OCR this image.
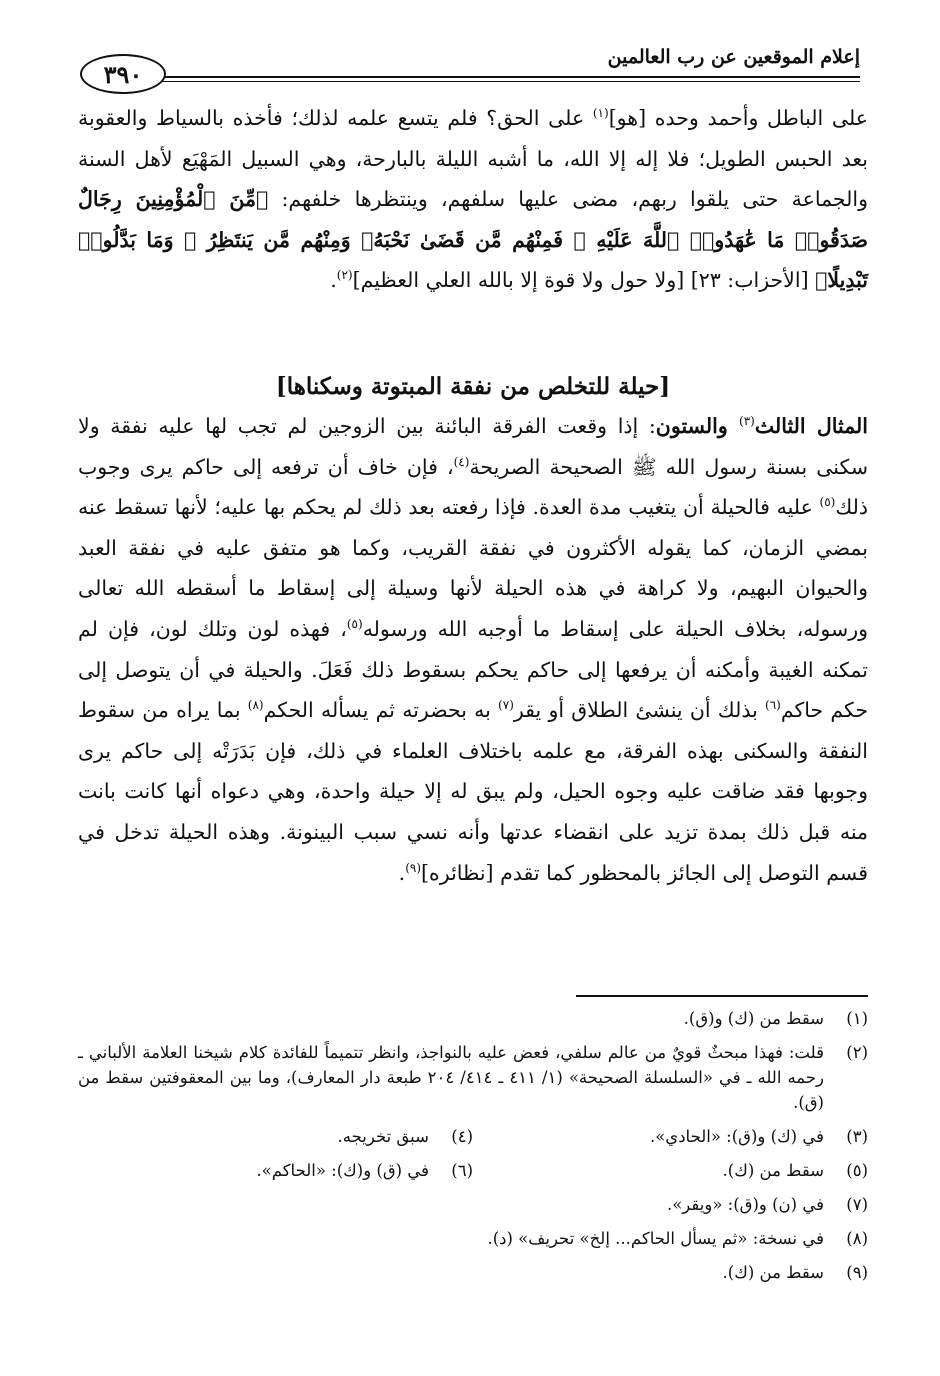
إعلام الموقعين عن رب العالمين
٣٩٠

على الباطل وأحمد وحده [هو]$^{(١)}$ على الحق؟ فلم يتسع علمه لذلك؛ فأخذه بالسياط والعقوبة بعد الحبس الطويل؛ فلا إله إلا الله، ما أشبه الليلة بالبارحة، وهي السبيل المَهْيَع لأهل السنة والجماعة حتى يلقوا ربهم، مضى عليها سلفهم، وينتظرها خلفهم: ﴿مِّنَ ٱلْمُؤْمِنِينَ رِجَالٌ صَدَقُوا۟ مَا عَٰهَدُوا۟ ٱللَّهَ عَلَيْهِ ۖ فَمِنْهُم مَّن قَضَىٰ نَحْبَهُۥ وَمِنْهُم مَّن يَنتَظِرُ ۖ وَمَا بَدَّلُوا۟ تَبْدِيلًا﴾ [الأحزاب: ٢٣] [ولا حول ولا قوة إلا بالله العلي العظيم]$^{(٢)}$.

[حيلة للتخلص من نفقة المبتوتة وسكناها]

المثال الثالث$^{(٣)}$ والستون: إذا وقعت الفرقة البائنة بين الزوجين لم تجب لها عليه نفقة ولا سكنى بسنة رسول الله ﷺ الصحيحة الصريحة$^{(٤)}$، فإن خاف أن ترفعه إلى حاكم يرى وجوب ذلك$^{(٥)}$ عليه فالحيلة أن يتغيب مدة العدة. فإذا رفعته بعد ذلك لم يحكم بها عليه؛ لأنها تسقط عنه بمضي الزمان، كما يقوله الأكثرون في نفقة القريب، وكما هو متفق عليه في نفقة العبد والحيوان البهيم، ولا كراهة في هذه الحيلة لأنها وسيلة إلى إسقاط ما أسقطه الله تعالى ورسوله، بخلاف الحيلة على إسقاط ما أوجبه الله ورسوله$^{(٥)}$، فهذه لون وتلك لون، فإن لم تمكنه الغيبة وأمكنه أن يرفعها إلى حاكم يحكم بسقوط ذلك فَعَلَ. والحيلة في أن يتوصل إلى حكم حاكم$^{(٦)}$ بذلك أن ينشئ الطلاق أو يقر$^{(٧)}$ به بحضرته ثم يسأله الحكم$^{(٨)}$ بما يراه من سقوط النفقة والسكنى بهذه الفرقة، مع علمه باختلاف العلماء في ذلك، فإن بَدَرَتْه إلى حاكم يرى وجوبها فقد ضاقت عليه وجوه الحيل، ولم يبق له إلا حيلة واحدة، وهي دعواه أنها كانت بانت منه قبل ذلك بمدة تزيد على انقضاء عدتها وأنه نسي سبب البينونة. وهذه الحيلة تدخل في قسم التوصل إلى الجائز بالمحظور كما تقدم [نظائره]$^{(٩)}$.

(١)
سقط من (ك) و(ق).
(٢)
قلت: فهذا مبحثٌ قويٌ من عالم سلفي، فعض عليه بالنواجذ، وانظر تتميماً للفائدة كلام شيخنا العلامة الألباني ـ رحمه الله ـ في «السلسلة الصحيحة» (١/ ٤١١ ـ ٤١٤/ ٢٠٤ طبعة دار المعارف)، وما بين المعقوفتين سقط من (ق).
(٣)
في (ك) و(ق): «الحادي».
(٤)
سبق تخريجه.
(٥)
سقط من (ك).
(٦)
في (ق) و(ك): «الحاكم».
(٧)
في (ن) و(ق): «ويقر».
(٨)
في نسخة: «ثم يسأل الحاكم... إلخ» تحريف» (د).
(٩)
سقط من (ك).
